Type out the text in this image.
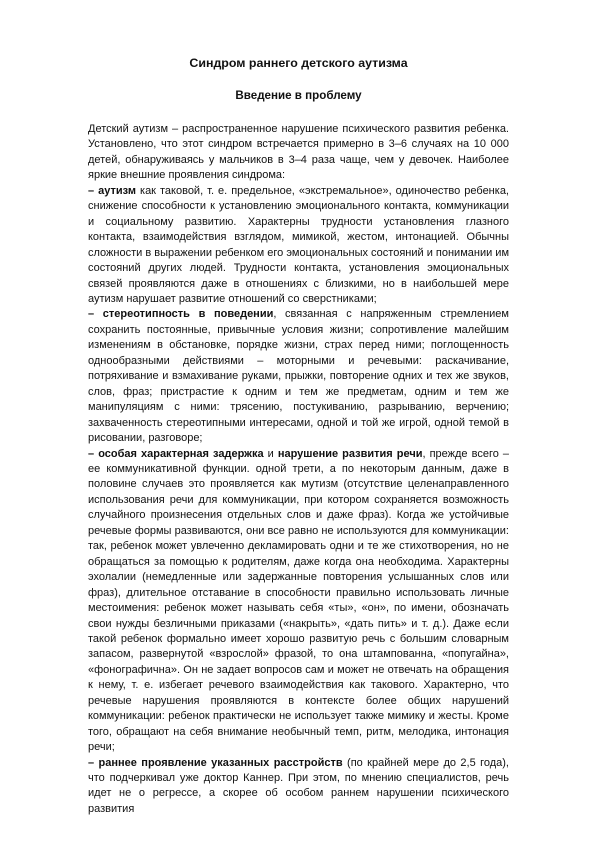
Синдром раннего детского аутизма
Введение в проблему

Детский аутизм – распространенное нарушение психического развития ребенка. Установлено, что этот синдром встречается примерно в 3–6 случаях на 10 000 детей, обнаруживаясь у мальчиков в 3–4 раза чаще, чем у девочек. Наиболее яркие внешние проявления синдрома:

– аутизм как таковой, т. е. предельное, «экстремальное», одиночество ребенка, снижение способности к установлению эмоционального контакта, коммуникации и социальному развитию. Характерны трудности установления глазного контакта, взаимодействия взглядом, мимикой, жестом, интонацией. Обычны сложности в выражении ребенком его эмоциональных состояний и понимании им состояний других людей. Трудности контакта, установления эмоциональных связей проявляются даже в отношениях с близкими, но в наибольшей мере аутизм нарушает развитие отношений со сверстниками;

– стереотипность в поведении, связанная с напряженным стремлением сохранить постоянные, привычные условия жизни; сопротивление малейшим изменениям в обстановке, порядке жизни, страх перед ними; поглощенность однообразными действиями – моторными и речевыми: раскачивание, потряхивание и взмахивание руками, прыжки, повторение одних и тех же звуков, слов, фраз; пристрастие к одним и тем же предметам, одним и тем же манипуляциям с ними: трясению, постукиванию, разрыванию, верчению; захваченность стереотипными интересами, одной и той же игрой, одной темой в рисовании, разговоре;

– особая характерная задержка и нарушение развития речи, прежде всего – ее коммуникативной функции. одной трети, а по некоторым данным, даже в половине случаев это проявляется как мутизм (отсутствие целенаправленного использования речи для коммуникации, при котором сохраняется возможность случайного произнесения отдельных слов и даже фраз). Когда же устойчивые речевые формы развиваются, они все равно не используются для коммуникации: так, ребенок может увлеченно декламировать одни и те же стихотворения, но не обращаться за помощью к родителям, даже когда она необходима. Характерны эхолалии (немедленные или задержанные повторения услышанных слов или фраз), длительное отставание в способности правильно использовать личные местоимения: ребенок может называть себя «ты», «он», по имени, обозначать свои нужды безличными приказами («накрыть», «дать пить» и т. д.). Даже если такой ребенок формально имеет хорошо развитую речь с большим словарным запасом, развернутой «взрослой» фразой, то она штампованна, «попугайна», «фонографична». Он не задает вопросов сам и может не отвечать на обращения к нему, т. е. избегает речевого взаимодействия как такового. Характерно, что речевые нарушения проявляются в контексте более общих нарушений коммуникации: ребенок практически не использует также мимику и жесты. Кроме того, обращают на себя внимание необычный темп, ритм, мелодика, интонация речи;

– раннее проявление указанных расстройств (по крайней мере до 2,5 года), что подчеркивал уже доктор Каннер. При этом, по мнению специалистов, речь идет не о регрессе, а скорее об особом раннем нарушении психического развития
